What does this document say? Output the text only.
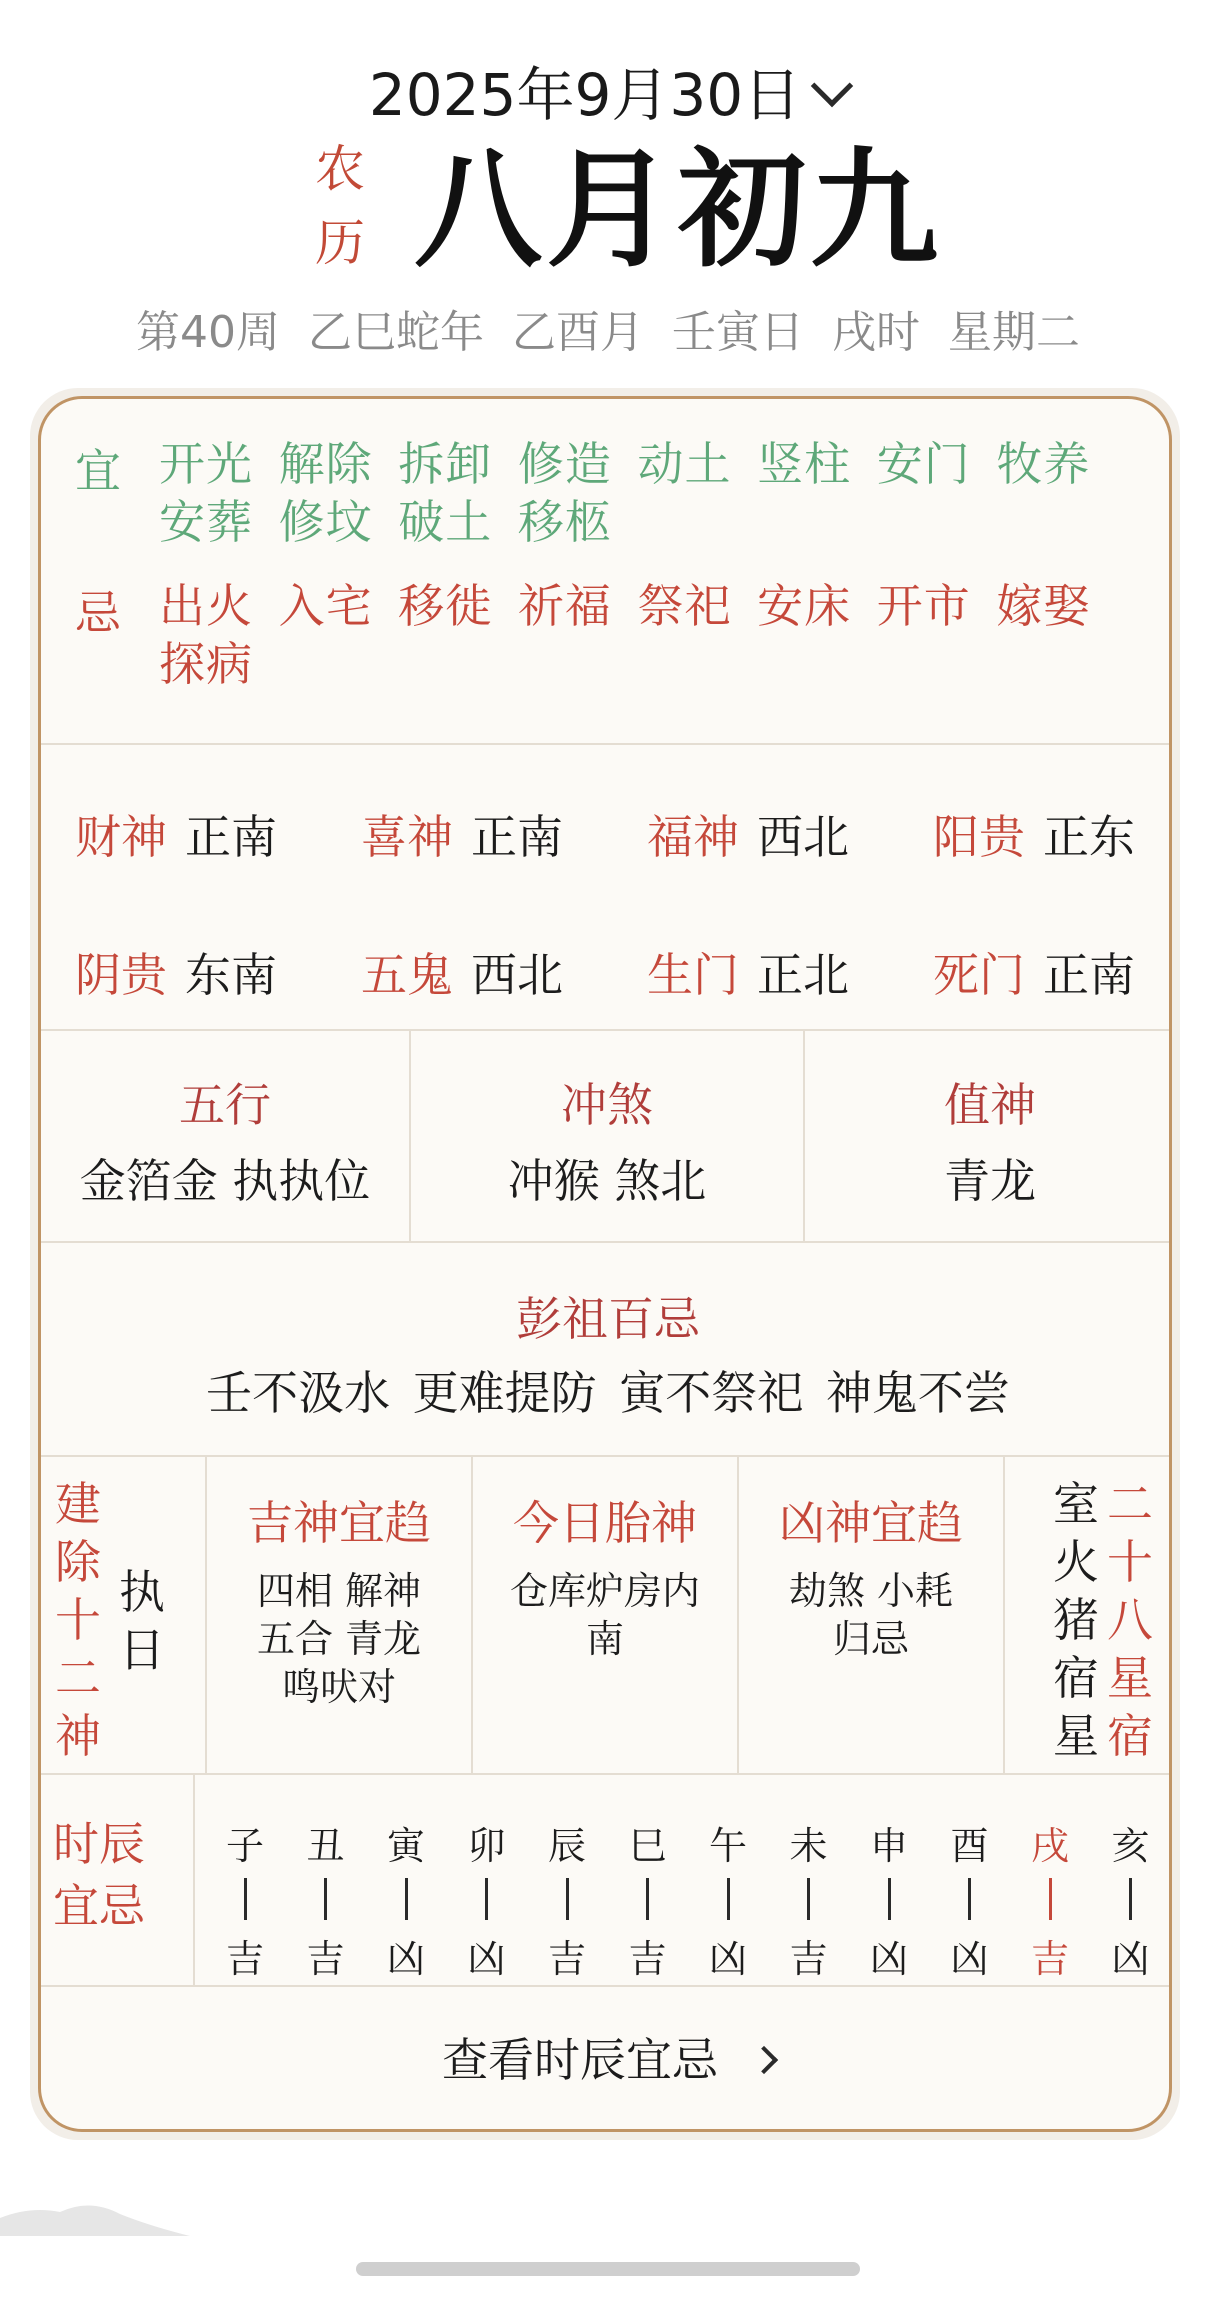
2025年9月30日
农
历 八月初九
第40周 乙巳蛇年 乙酉月 壬寅日 戌时 星期二
宜 开光 解除 拆卸 修造 动土 竖柱 安门 牧养 安葬 修坟 破土 移柩
忌 出火 入宅 移徙 祈福 祭祀 安床 开市 嫁娶 探病
财神 正南 喜神 正南 福神 西北 阳贵 正东
阴贵 东南 五鬼 西北 生门 正北 死门 正南
五行
金箔金 执执位
冲煞
冲猴 煞北
值神
青龙
彭祖百忌
壬不汲水 更难提防 寅不祭祀 神鬼不尝
建
除
十
二
神
执
日
吉神宜趋
四相 解神
五合 青龙
鸣吠对
今日胎神
仓库炉房内
南
凶神宜趋
劫煞 小耗
归忌
室
火
猪
宿
星
二
十
八
星
宿
时辰
宜忌
子
吉
丑
吉
寅
凶
卯
凶
辰
吉
巳
吉
午
凶
未
吉
申
凶
酉
凶
戌
吉
亥
凶
查看时辰宜忌
